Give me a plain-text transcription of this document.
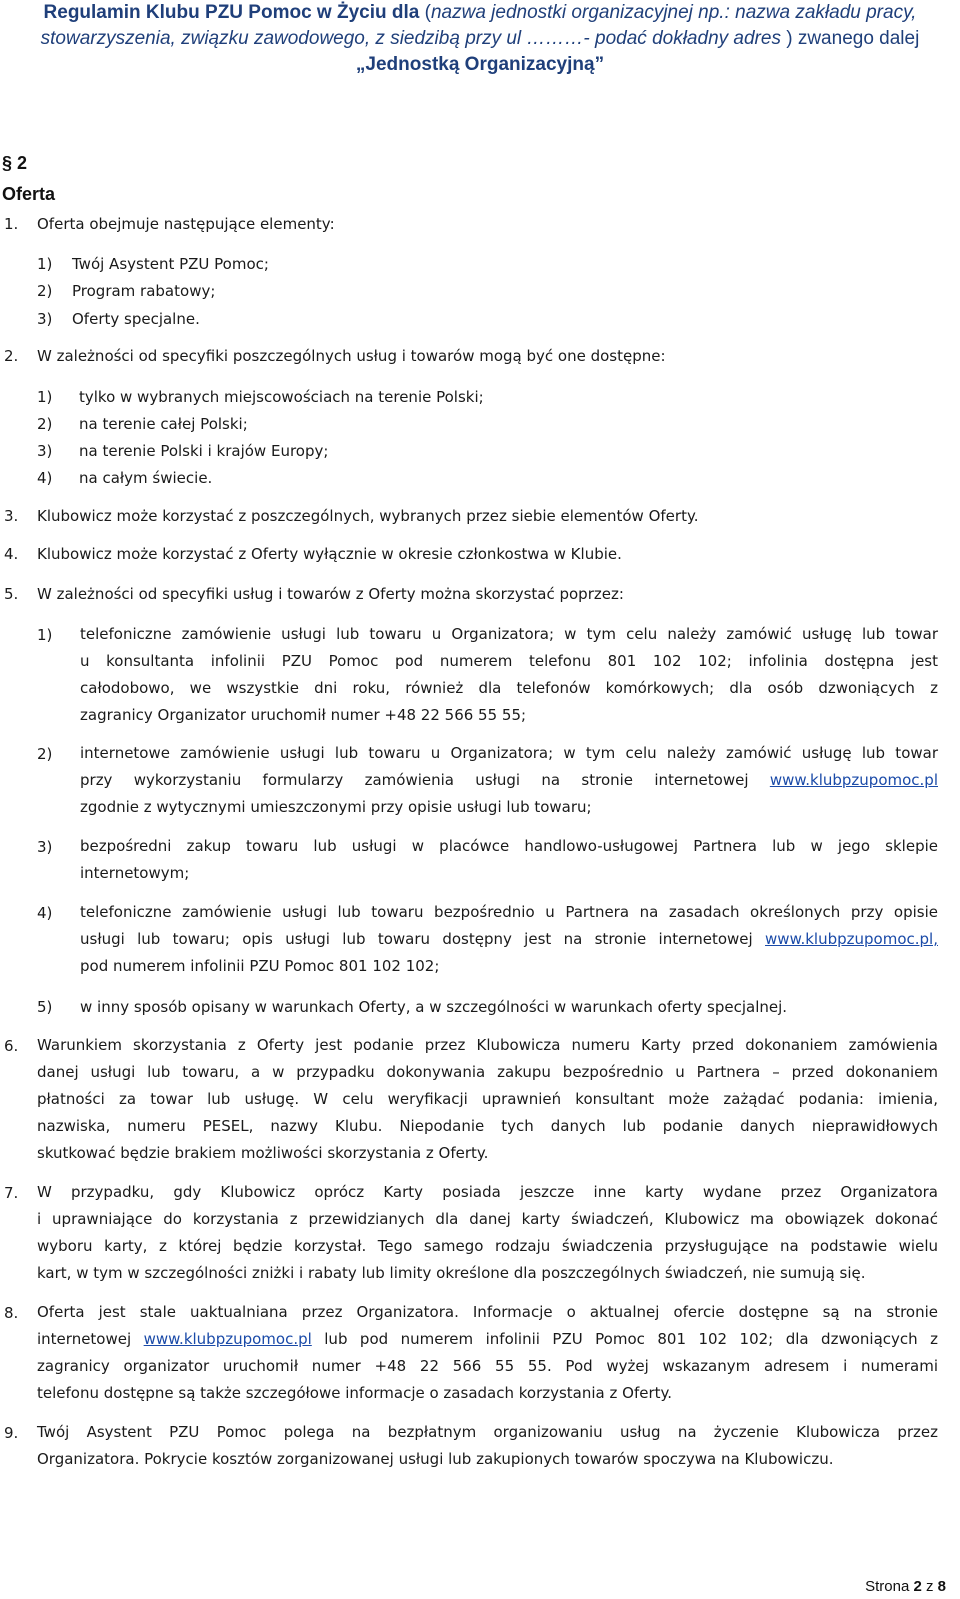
Regulamin Klubu PZU Pomoc w Życiu dla (nazwa jednostki organizacyjnej np.: nazwa zakładu pracy,
stowarzyszenia, związku zawodowego, z siedzibą przy ul ………- podać dokładny adres ) zwanego dalej
„Jednostką Organizacyjną”
§ 2
Oferta
1. Oferta obejmuje następujące elementy:
1) Twój Asystent PZU Pomoc;
2) Program rabatowy;
3) Oferty specjalne.
2. W zależności od specyfiki poszczególnych usług i towarów mogą być one dostępne:
1) tylko w wybranych miejscowościach na terenie Polski;
2) na terenie całej Polski;
3) na terenie Polski i krajów Europy;
4) na całym świecie.
3. Klubowicz może korzystać z poszczególnych, wybranych przez siebie elementów Oferty.
4. Klubowicz może korzystać z Oferty wyłącznie w okresie członkostwa w Klubie.
5. W zależności od specyfiki usług i towarów z Oferty można skorzystać poprzez:
1) telefoniczne zamówienie usługi lub towaru u Organizatora; w tym celu należy zamówić usługę lub towar
u konsultanta infolinii PZU Pomoc pod numerem telefonu 801 102 102; infolinia dostępna jest
całodobowo, we wszystkie dni roku, również dla telefonów komórkowych; dla osób dzwoniących z
zagranicy Organizator uruchomił numer +48 22 566 55 55;
2) internetowe zamówienie usługi lub towaru u Organizatora; w tym celu należy zamówić usługę lub towar
przy wykorzystaniu formularzy zamówienia usługi na stronie internetowej www.klubpzupomoc.pl
zgodnie z wytycznymi umieszczonymi przy opisie usługi lub towaru;
3) bezpośredni zakup towaru lub usługi w placówce handlowo-usługowej Partnera lub w jego sklepie
internetowym;
4) telefoniczne zamówienie usługi lub towaru bezpośrednio u Partnera na zasadach określonych przy opisie
usługi lub towaru; opis usługi lub towaru dostępny jest na stronie internetowej www.klubpzupomoc.pl,
pod numerem infolinii PZU Pomoc 801 102 102;
5) w inny sposób opisany w warunkach Oferty, a w szczególności w warunkach oferty specjalnej.
6. Warunkiem skorzystania z Oferty jest podanie przez Klubowicza numeru Karty przed dokonaniem zamówienia
danej usługi lub towaru, a w przypadku dokonywania zakupu bezpośrednio u Partnera – przed dokonaniem
płatności za towar lub usługę. W celu weryfikacji uprawnień konsultant może zażądać podania: imienia,
nazwiska, numeru PESEL, nazwy Klubu. Niepodanie tych danych lub podanie danych nieprawidłowych
skutkować będzie brakiem możliwości skorzystania z Oferty.
7. W przypadku, gdy Klubowicz oprócz Karty posiada jeszcze inne karty wydane przez Organizatora
i uprawniające do korzystania z przewidzianych dla danej karty świadczeń, Klubowicz ma obowiązek dokonać
wyboru karty, z której będzie korzystał. Tego samego rodzaju świadczenia przysługujące na podstawie wielu
kart, w tym w szczególności zniżki i rabaty lub limity określone dla poszczególnych świadczeń, nie sumują się.
8. Oferta jest stale uaktualniana przez Organizatora. Informacje o aktualnej ofercie dostępne są na stronie
internetowej www.klubpzupomoc.pl lub pod numerem infolinii PZU Pomoc 801 102 102; dla dzwoniących z
zagranicy organizator uruchomił numer +48 22 566 55 55. Pod wyżej wskazanym adresem i numerami
telefonu dostępne są także szczegółowe informacje o zasadach korzystania z Oferty.
9. Twój Asystent PZU Pomoc polega na bezpłatnym organizowaniu usług na życzenie Klubowicza przez
Organizatora. Pokrycie kosztów zorganizowanej usługi lub zakupionych towarów spoczywa na Klubowiczu.
Strona 2 z 8
